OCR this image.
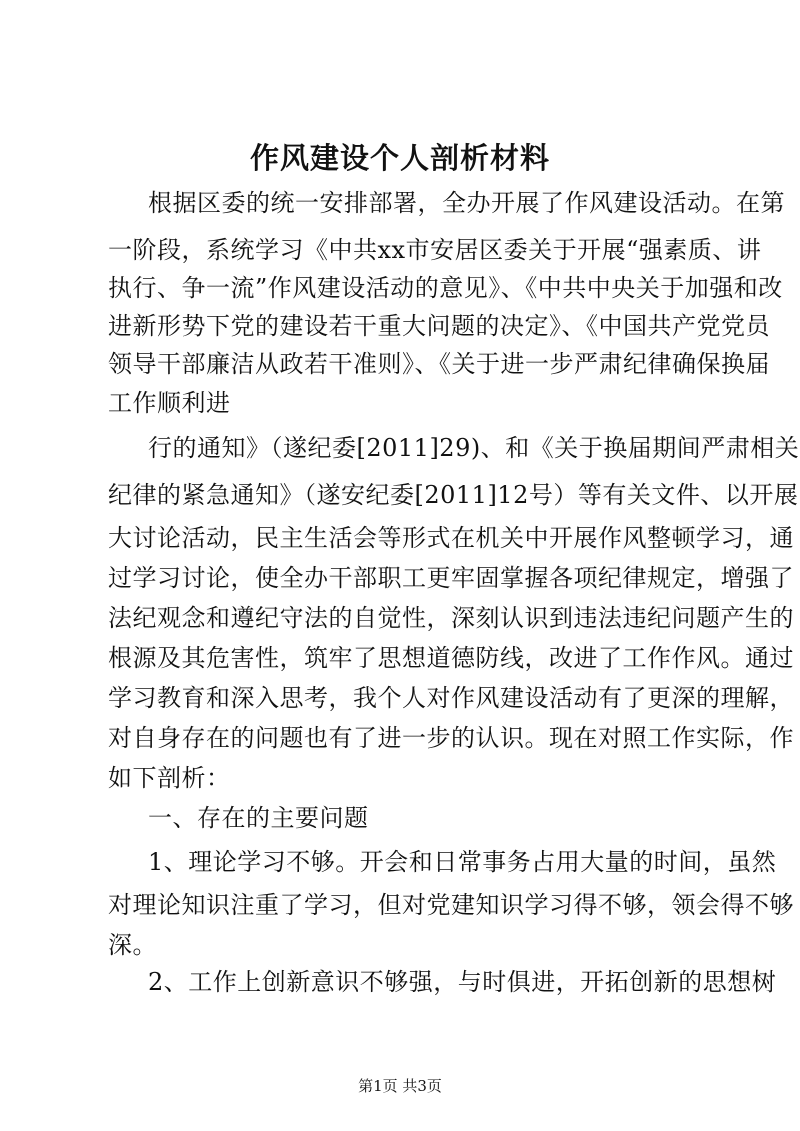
作风建设个人剖析材料
根据区委的统一安排部署，全办开展了作风建设活动。在第
一阶段，系统学习《中共xx市安居区委关于开展“强素质、讲
执行、争一流”作风建设活动的意见》、《中共中央关于加强和改
进新形势下党的建设若干重大问题的决定》、《中国共产党党员
领导干部廉洁从政若干准则》、《关于进一步严肃纪律确保换届
工作顺利进
行的通知》（遂纪委[2011]29)、和《关于换届期间严肃相关
纪律的紧急通知》（遂安纪委[2011]12号）等有关文件、以开展
大讨论活动，民主生活会等形式在机关中开展作风整顿学习，通
过学习讨论，使全办干部职工更牢固掌握各项纪律规定，增强了
法纪观念和遵纪守法的自觉性，深刻认识到违法违纪问题产生的
根源及其危害性，筑牢了思想道德防线，改进了工作作风。通过
学习教育和深入思考，我个人对作风建设活动有了更深的理解，
对自身存在的问题也有了进一步的认识。现在对照工作实际，作
如下剖析：
一、存在的主要问题
1、理论学习不够。开会和日常事务占用大量的时间，虽然
对理论知识注重了学习，但对党建知识学习得不够，领会得不够
深。
2、工作上创新意识不够强，与时俱进，开拓创新的思想树
第1页 共3页
